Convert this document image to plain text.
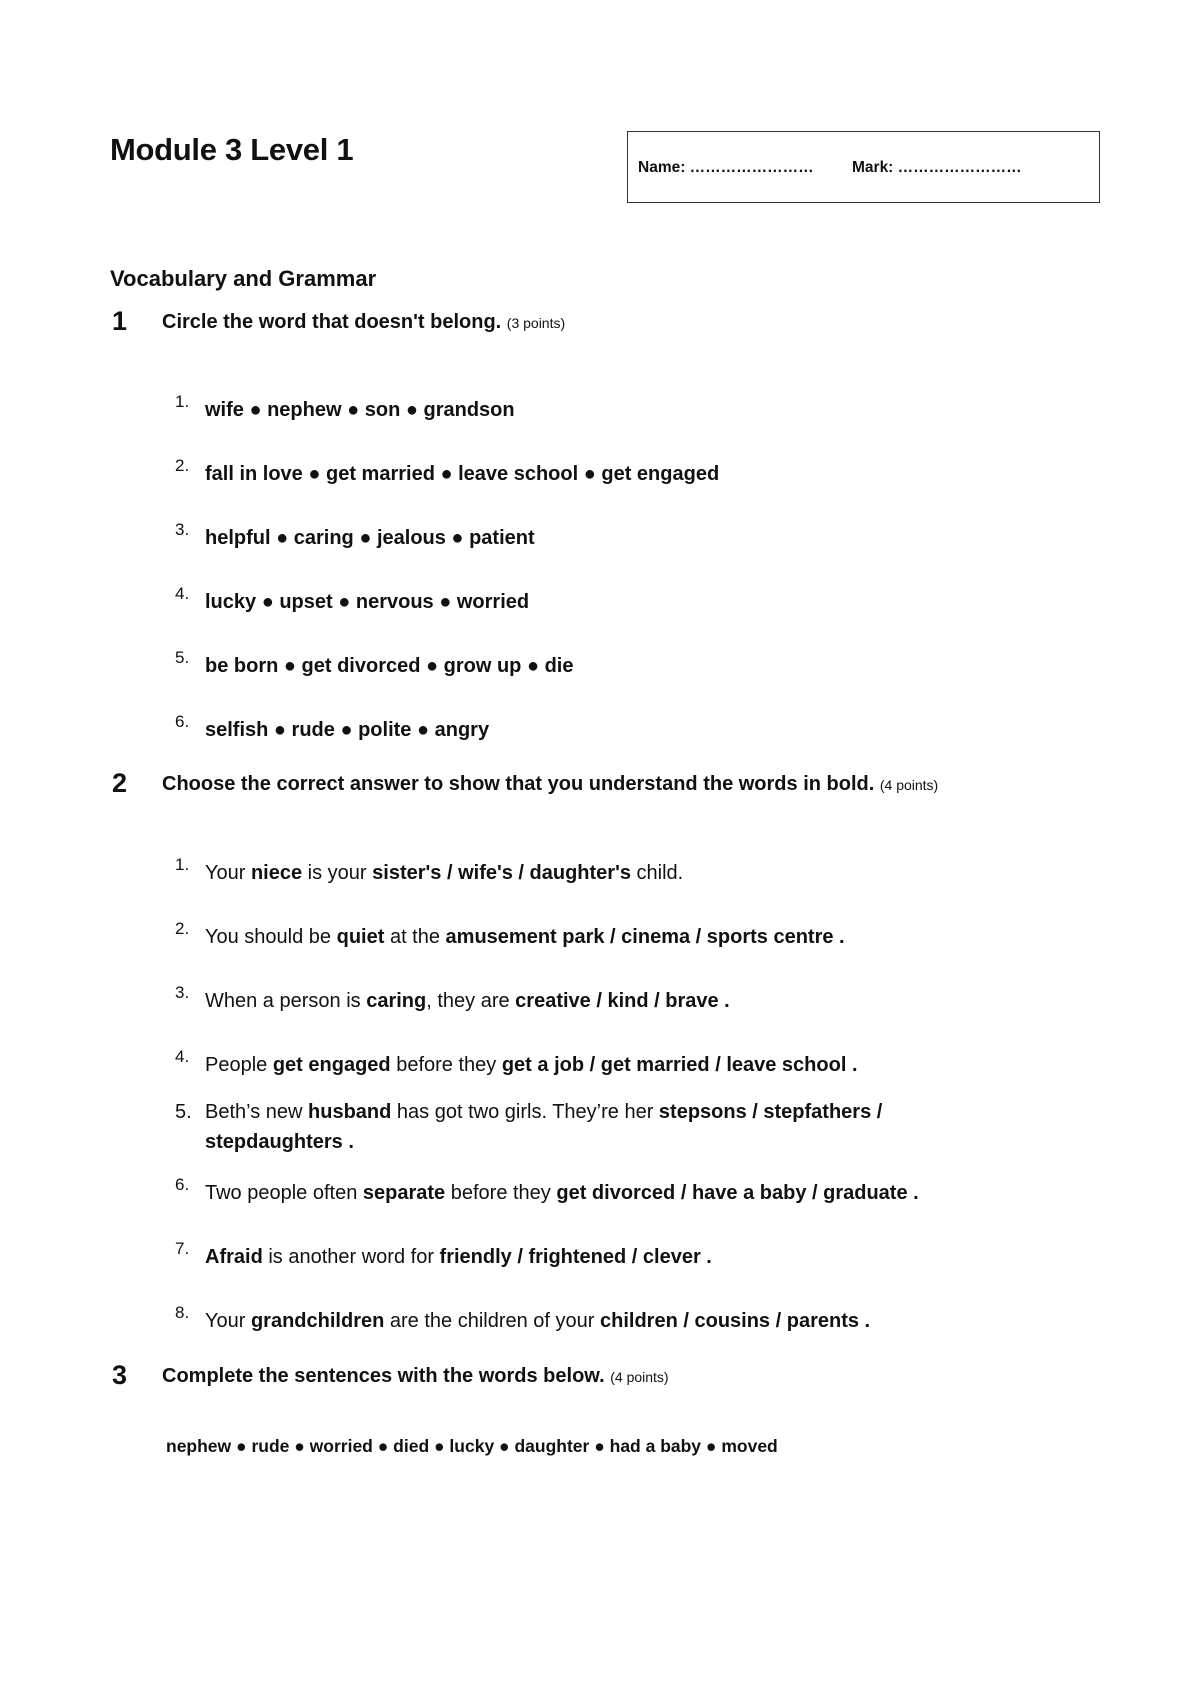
Module 3 Level 1
Name: …………………… Mark: ……………………
Vocabulary and Grammar
1 Circle the word that doesn't belong. (3 points)
1. wife ● nephew ● son ● grandson
2. fall in love ● get married ● leave school ● get engaged
3. helpful ● caring ● jealous ● patient
4. lucky ● upset ● nervous ● worried
5. be born ● get divorced ● grow up ● die
6. selfish ● rude ● polite ● angry
2 Choose the correct answer to show that you understand the words in bold. (4 points)
1. Your niece is your sister's / wife's / daughter's child.
2. You should be quiet at the amusement park / cinema / sports centre .
3. When a person is caring, they are creative / kind / brave .
4. People get engaged before they get a job / get married / leave school .
5. Beth’s new husband has got two girls. They’re her stepsons / stepfathers /
stepdaughters .
6. Two people often separate before they get divorced / have a baby / graduate .
7. Afraid is another word for friendly / frightened / clever .
8. Your grandchildren are the children of your children / cousins / parents .
3 Complete the sentences with the words below. (4 points)
nephew ● rude ● worried ● died ● lucky ● daughter ● had a baby ● moved
